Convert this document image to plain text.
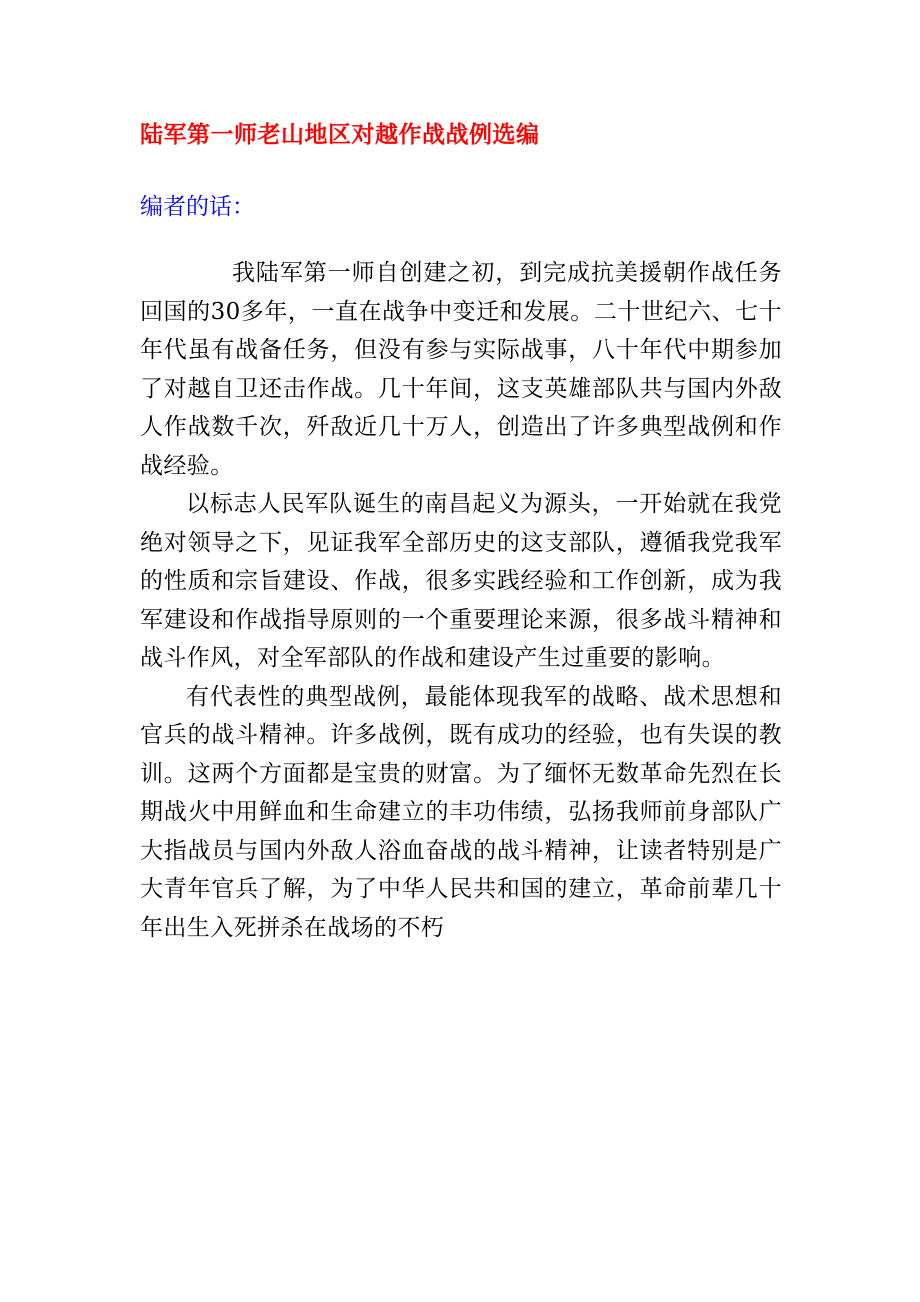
陆军第一师老山地区对越作战战例选编
编者的话：

我陆军第一师自创建之初，到完成抗美援朝作战任务回国的30多年，一直在战争中变迁和发展。二十世纪六、七十年代虽有战备任务，但没有参与实际战事，八十年代中期参加了对越自卫还击作战。几十年间，这支英雄部队共与国内外敌人作战数千次，歼敌近几十万人，创造出了许多典型战例和作战经验。

以标志人民军队诞生的南昌起义为源头，一开始就在我党绝对领导之下，见证我军全部历史的这支部队，遵循我党我军的性质和宗旨建设、作战，很多实践经验和工作创新，成为我军建设和作战指导原则的一个重要理论来源，很多战斗精神和战斗作风，对全军部队的作战和建设产生过重要的影响。

有代表性的典型战例，最能体现我军的战略、战术思想和官兵的战斗精神。许多战例，既有成功的经验，也有失误的教训。这两个方面都是宝贵的财富。为了缅怀无数革命先烈在长期战火中用鲜血和生命建立的丰功伟绩，弘扬我师前身部队广大指战员与国内外敌人浴血奋战的战斗精神，让读者特别是广大青年官兵了解，为了中华人民共和国的建立，革命前辈几十年出生入死拼杀在战场的不朽
